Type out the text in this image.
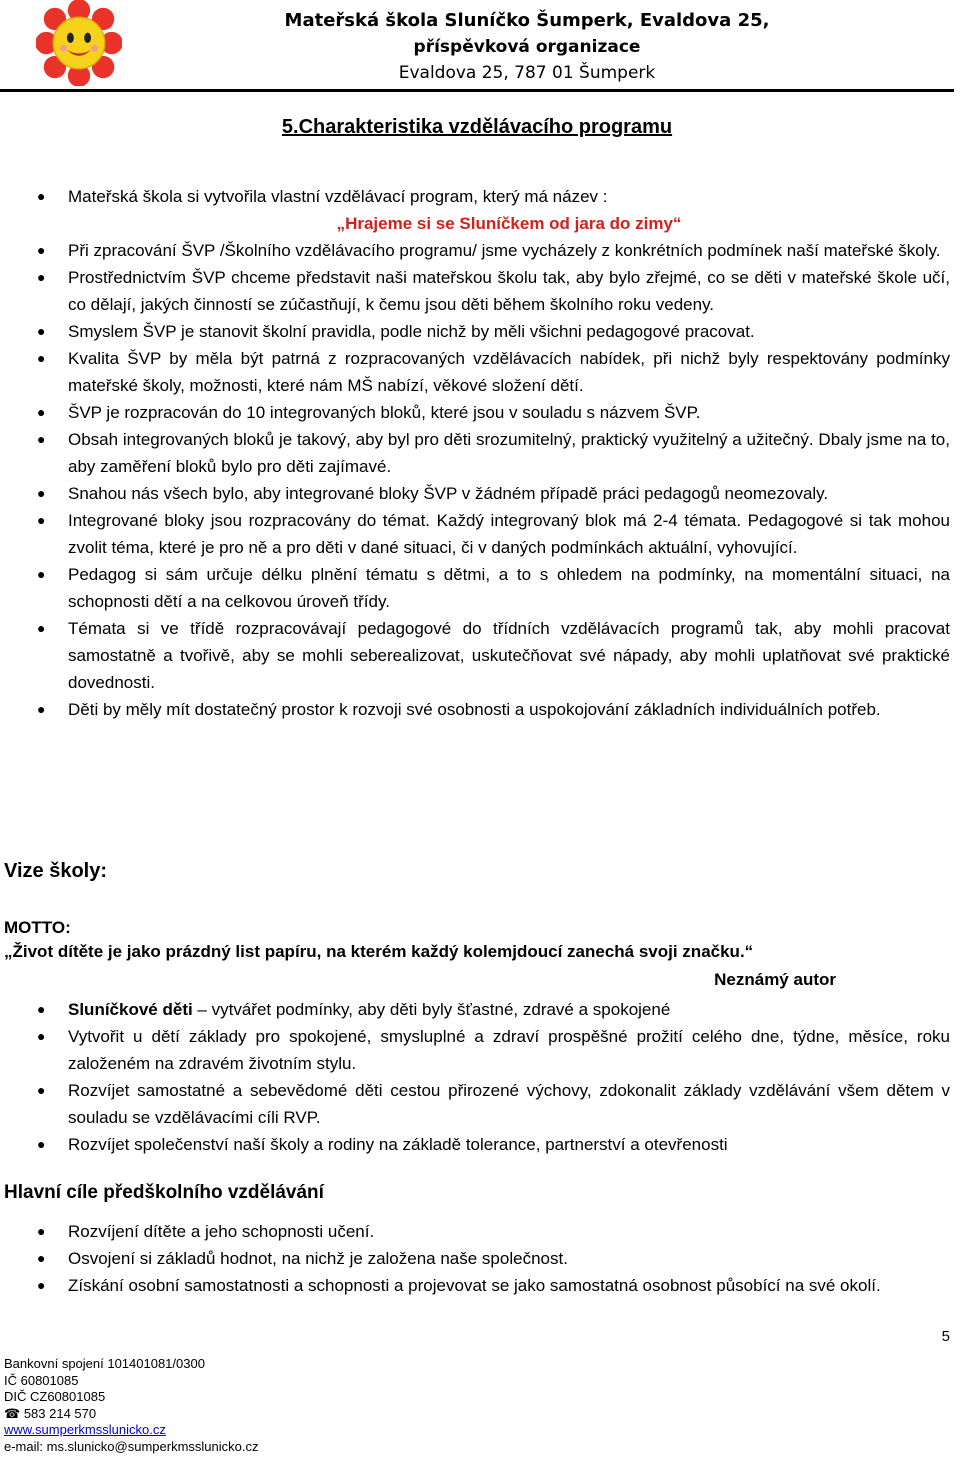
Mateřská škola Sluníčko Šumperk, Evaldova 25,
příspěvková organizace
Evaldova 25, 787 01 Šumperk
5.Charakteristika vzdělávacího programu
● Mateřská škola si vytvořila vlastní vzdělávací program, který má název :
„Hrajeme si se Sluníčkem od jara do zimy“
● Při zpracování ŠVP /Školního vzdělávacího programu/ jsme vycházely z konkrétních podmínek naší mateřské školy.
● Prostřednictvím ŠVP chceme představit naši mateřskou školu tak, aby bylo zřejmé, co se děti v mateřské škole učí, co dělají, jakých činností se zúčastňují, k čemu jsou děti během školního roku vedeny.
● Smyslem ŠVP je stanovit školní pravidla, podle nichž by měli všichni pedagogové pracovat.
● Kvalita ŠVP by měla být patrná z rozpracovaných vzdělávacích nabídek, při nichž byly respektovány podmínky mateřské školy, možnosti, které nám MŠ nabízí, věkové složení dětí.
● ŠVP je rozpracován do 10 integrovaných bloků, které jsou v souladu s názvem ŠVP.
● Obsah integrovaných bloků je takový, aby byl pro děti srozumitelný, praktický využitelný a užitečný. Dbaly jsme na to, aby zaměření bloků bylo pro děti zajímavé.
● Snahou nás všech bylo, aby integrované bloky ŠVP v žádném případě práci pedagogů neomezovaly.
● Integrované bloky jsou rozpracovány do témat. Každý integrovaný blok má 2-4 témata. Pedagogové si tak mohou zvolit téma, které je pro ně a pro děti v dané situaci, či v daných podmínkách aktuální, vyhovující.
● Pedagog si sám určuje délku plnění tématu s dětmi, a to s ohledem na podmínky, na momentální situaci, na schopnosti dětí a na celkovou úroveň třídy.
● Témata si ve třídě rozpracovávají pedagogové do třídních vzdělávacích programů tak, aby mohli pracovat samostatně a tvořivě, aby se mohli seberealizovat, uskutečňovat své nápady, aby mohli uplatňovat své praktické dovednosti.
● Děti by měly mít dostatečný prostor k rozvoji své osobnosti a uspokojování základních individuálních potřeb.
Vize školy:
MOTTO:
„Život dítěte je jako prázdný list papíru, na kterém každý kolemjdoucí zanechá svoji značku.“
Neznámý autor
● Sluníčkové děti – vytvářet podmínky, aby děti byly šťastné, zdravé a spokojené
● Vytvořit u dětí základy pro spokojené, smysluplné a zdraví prospěšné prožití celého dne, týdne, měsíce, roku založeném na zdravém životním stylu.
● Rozvíjet samostatné a sebevědomé děti cestou přirozené výchovy, zdokonalit základy vzdělávání všem dětem v souladu se vzdělávacími cíli RVP.
● Rozvíjet společenství naší školy a rodiny na základě tolerance, partnerství a otevřenosti
Hlavní cíle předškolního vzdělávání
● Rozvíjení dítěte a jeho schopnosti učení.
● Osvojení si základů hodnot, na nichž je založena naše společnost.
● Získání osobní samostatnosti a schopnosti a projevovat se jako samostatná osobnost působící na své okolí.
5
Bankovní spojení 101401081/0300
IČ 60801085
DIČ CZ60801085
☎ 583 214 570
www.sumperkmsslunicko.cz
e-mail: ms.slunicko@sumperkmsslunicko.cz
